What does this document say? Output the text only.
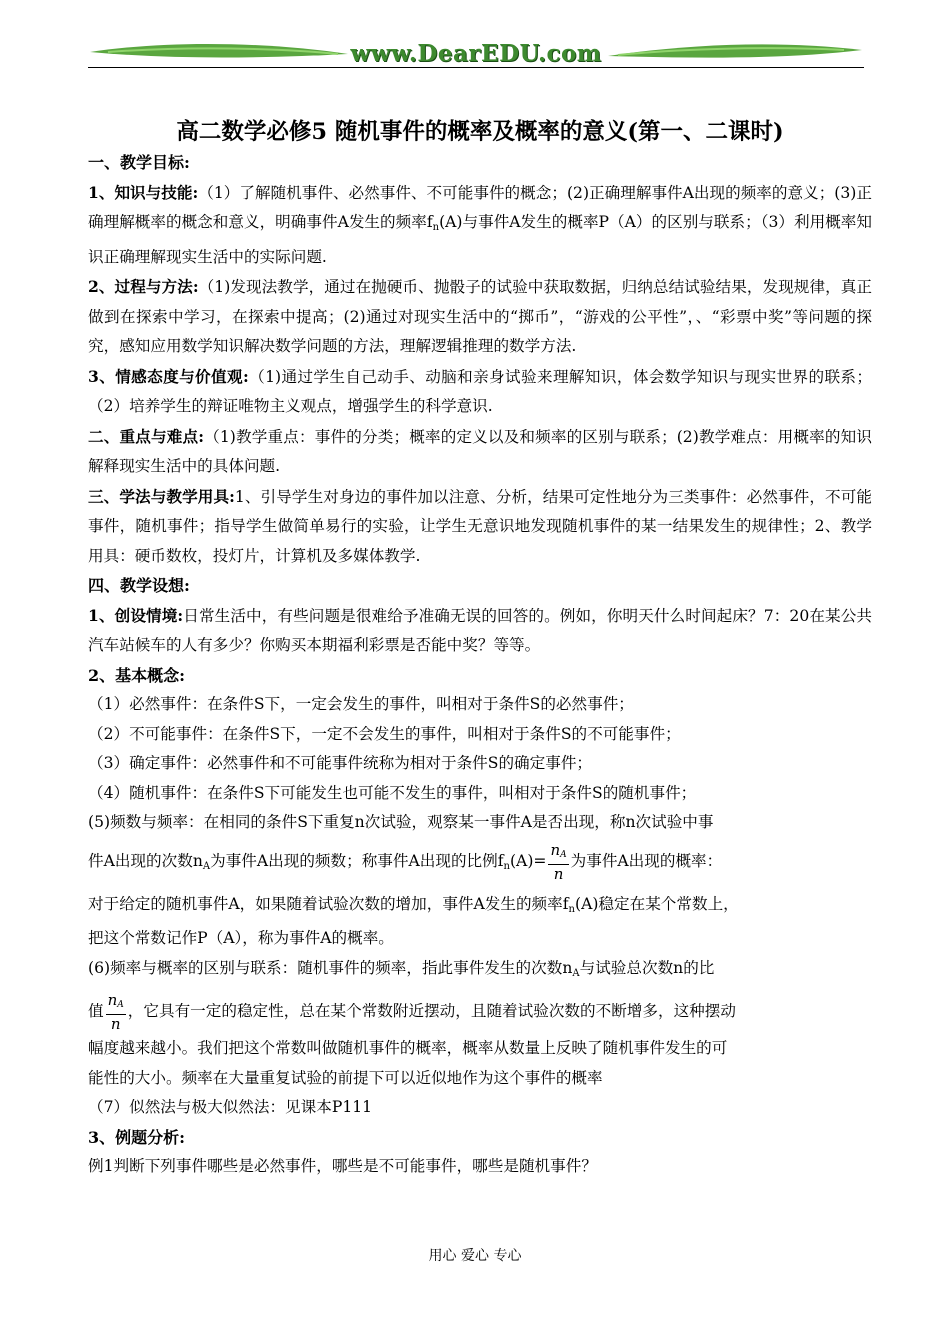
www.DearEDU.com
高二数学必修5 随机事件的概率及概率的意义(第一、二课时)

一、教学目标:

1、知识与技能:（1）了解随机事件、必然事件、不可能事件的概念；(2)正确理解事件A出现的频率的意义；(3)正确理解概率的概念和意义，明确事件A发生的频率$f_n(A)$与事件A发生的概率P（A）的区别与联系；（3）利用概率知识正确理解现实生活中的实际问题.

2、过程与方法:（1)发现法教学，通过在抛硬币、抛骰子的试验中获取数据，归纳总结试验结果，发现规律，真正做到在探索中学习，在探索中提高；(2)通过对现实生活中的“掷币”，“游戏的公平性”，、“彩票中奖”等问题的探究，感知应用数学知识解决数学问题的方法，理解逻辑推理的数学方法.

3、情感态度与价值观:（1)通过学生自己动手、动脑和亲身试验来理解知识，体会数学知识与现实世界的联系；（2）培养学生的辩证唯物主义观点，增强学生的科学意识.

二、重点与难点:（1)教学重点：事件的分类；概率的定义以及和频率的区别与联系；(2)教学难点：用概率的知识解释现实生活中的具体问题.

三、学法与教学用具:1、引导学生对身边的事件加以注意、分析，结果可定性地分为三类事件：必然事件，不可能事件，随机事件；指导学生做简单易行的实验，让学生无意识地发现随机事件的某一结果发生的规律性；2、教学用具：硬币数枚，投灯片，计算机及多媒体教学.

四、教学设想:

1、创设情境:日常生活中，有些问题是很难给予准确无误的回答的。例如，你明天什么时间起床？7：20在某公共汽车站候车的人有多少？你购买本期福利彩票是否能中奖？等等。

2、基本概念:

（1）必然事件：在条件S下，一定会发生的事件，叫相对于条件S的必然事件；

（2）不可能事件：在条件S下，一定不会发生的事件，叫相对于条件S的不可能事件；

（3）确定事件：必然事件和不可能事件统称为相对于条件S的确定事件；

（4）随机事件：在条件S下可能发生也可能不发生的事件，叫相对于条件S的随机事件；

(5)频数与频率：在相同的条件S下重复n次试验，观察某一事件A是否出现，称n次试验中事

件A出现的次数$n_A$为事件A出现的频数；称事件A出现的比例$f_n(A)= \frac{n_A}{n}$ 为事件A出现的概率：

对于给定的随机事件A，如果随着试验次数的增加，事件A发生的频率$f_n(A)$稳定在某个常数上，

把这个常数记作P（A），称为事件A的概率。

(6)频率与概率的区别与联系：随机事件的频率，指此事件发生的次数$n_A$与试验总次数n的比

值 $\frac{n_A}{n}$ ，它具有一定的稳定性，总在某个常数附近摆动，且随着试验次数的不断增多，这种摆动

幅度越来越小。我们把这个常数叫做随机事件的概率，概率从数量上反映了随机事件发生的可

能性的大小。频率在大量重复试验的前提下可以近似地作为这个事件的概率

（7）似然法与极大似然法：见课本P111

3、例题分析:

例1判断下列事件哪些是必然事件，哪些是不可能事件，哪些是随机事件？

用心 爱心 专心
